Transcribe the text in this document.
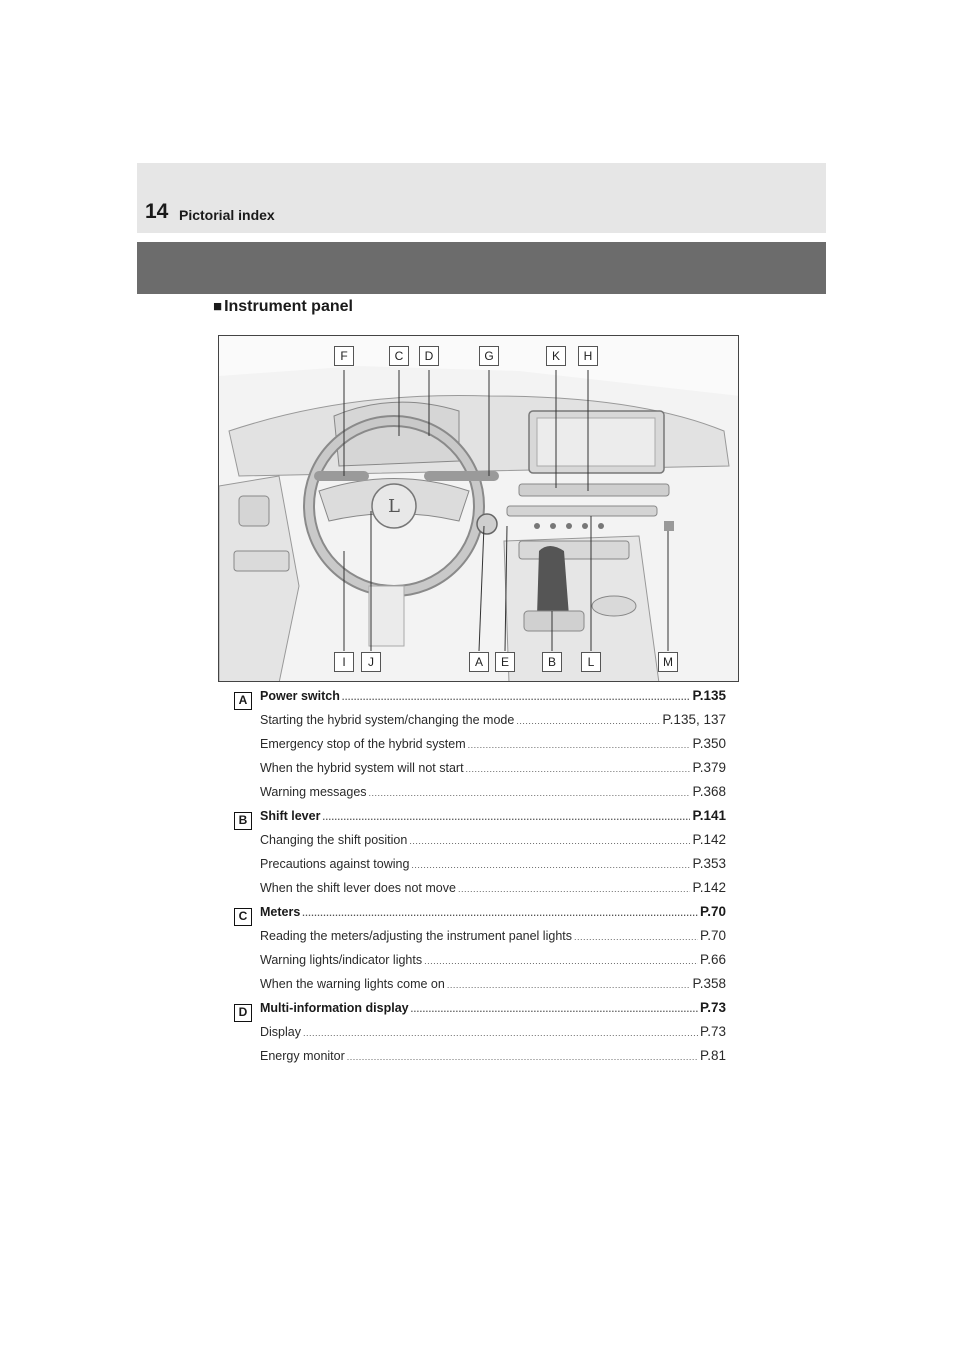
14 Pictorial index
■ Instrument panel
L
F	C	D	G	K	H
I	J	A	E	B	L	M
A	Power switch .....	P.135
Starting the hybrid system/changing the mode .....	P.135, 137
Emergency stop of the hybrid system .....	P.350
When the hybrid system will not start .....	P.379
Warning messages .....	P.368
B	Shift lever .....	P.141
Changing the shift position .....	P.142
Precautions against towing .....	P.353
When the shift lever does not move .....	P.142
C	Meters .....	P.70
Reading the meters/adjusting the instrument panel lights .....	P.70
Warning lights/indicator lights .....	P.66
When the warning lights come on .....	P.358
D	Multi-information display .....	P.73
Display .....	P.73
Energy monitor .....	P.81
